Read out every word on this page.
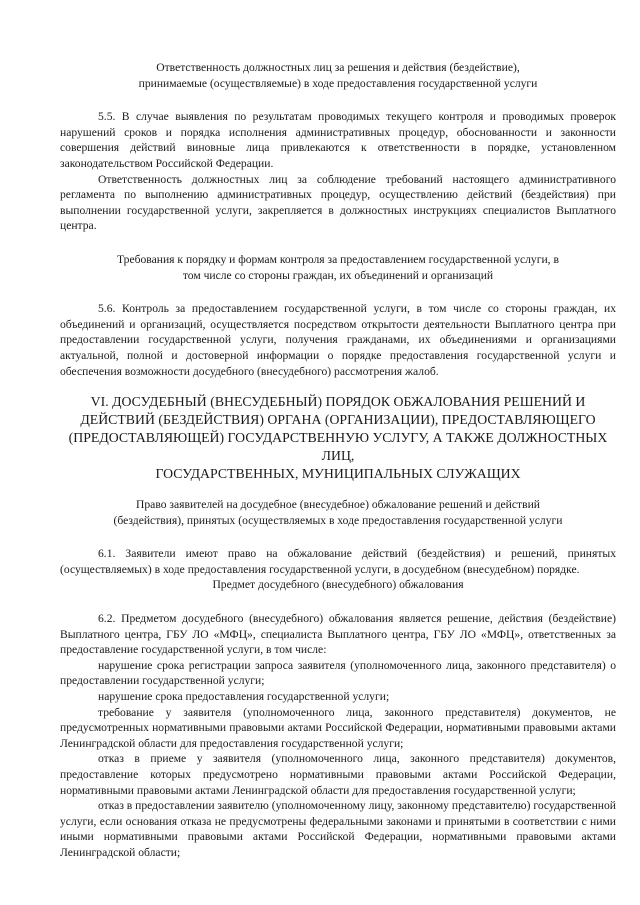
Ответственность должностных лиц за решения и действия (бездействие),
принимаемые (осуществляемые) в ходе предоставления государственной услуги

5.5. В случае выявления по результатам проводимых текущего контроля и проводимых проверок нарушений сроков и порядка исполнения административных процедур, обоснованности и законности совершения действий виновные лица привлекаются к ответственности в порядке, установленном законодательством Российской Федерации.

Ответственность должностных лиц за соблюдение требований настоящего административного регламента по выполнению административных процедур, осуществлению действий (бездействия) при выполнении государственной услуги, закрепляется в должностных инструкциях специалистов Выплатного центра.

Требования к порядку и формам контроля за предоставлением государственной услуги, в
том числе со стороны граждан, их объединений и организаций

5.6. Контроль за предоставлением государственной услуги, в том числе со стороны граждан, их объединений и организаций, осуществляется посредством открытости деятельности Выплатного центра при предоставлении государственной услуги, получения гражданами, их объединениями и организациями актуальной, полной и достоверной информации о порядке предоставления государственной услуги и обеспечения возможности досудебного (внесудебного) рассмотрения жалоб.

VI. ДОСУДЕБНЫЙ (ВНЕСУДЕБНЫЙ) ПОРЯДОК ОБЖАЛОВАНИЯ РЕШЕНИЙ И
ДЕЙСТВИЙ (БЕЗДЕЙСТВИЯ) ОРГАНА (ОРГАНИЗАЦИИ), ПРЕДОСТАВЛЯЮЩЕГО
(ПРЕДОСТАВЛЯЮЩЕЙ) ГОСУДАРСТВЕННУЮ УСЛУГУ, А ТАКЖЕ ДОЛЖНОСТНЫХ ЛИЦ,
ГОСУДАРСТВЕННЫХ, МУНИЦИПАЛЬНЫХ СЛУЖАЩИХ
Право заявителей на досудебное (внесудебное) обжалование решений и действий
(бездействия), принятых (осуществляемых в ходе предоставления государственной услуги

6.1. Заявители имеют право на обжалование действий (бездействия) и решений, принятых (осуществляемых) в ходе предоставления государственной услуги, в досудебном (внесудебном) порядке.

Предмет досудебного (внесудебного) обжалования

6.2. Предметом досудебного (внесудебного) обжалования является решение, действия (бездействие) Выплатного центра, ГБУ ЛО «МФЦ», специалиста Выплатного центра, ГБУ ЛО «МФЦ», ответственных за предоставление государственной услуги, в том числе:

нарушение срока регистрации запроса заявителя (уполномоченного лица, законного представителя) о предоставлении государственной услуги;

нарушение срока предоставления государственной услуги;

требование у заявителя (уполномоченного лица, законного представителя) документов, не предусмотренных нормативными правовыми актами Российской Федерации, нормативными правовыми актами Ленинградской области для предоставления государственной услуги;

отказ в приеме у заявителя (уполномоченного лица, законного представителя) документов, предоставление которых предусмотрено нормативными правовыми актами Российской Федерации, нормативными правовыми актами Ленинградской области для предоставления государственной услуги;

отказ в предоставлении заявителю (уполномоченному лицу, законному представителю) государственной услуги, если основания отказа не предусмотрены федеральными законами и принятыми в соответствии с ними иными нормативными правовыми актами Российской Федерации, нормативными правовыми актами Ленинградской области;
